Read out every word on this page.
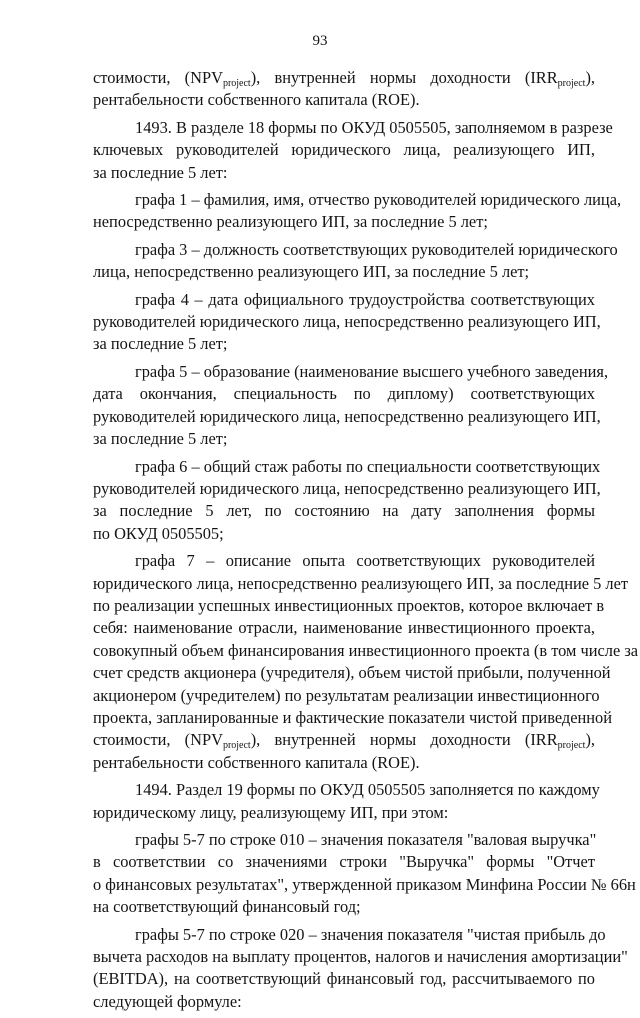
93
стоимости, $(NPV_{project})$, внутренней нормы доходности $(IRR_{project})$,
рентабельности собственного капитала (ROE).
1493. В разделе 18 формы по ОКУД 0505505, заполняемом в разрезе
ключевых руководителей юридического лица, реализующего ИП,
за последние 5 лет:
графа 1 – фамилия, имя, отчество руководителей юридического лица,
непосредственно реализующего ИП, за последние 5 лет;
графа 3 – должность соответствующих руководителей юридического
лица, непосредственно реализующего ИП, за последние 5 лет;
графа 4 – дата официального трудоустройства соответствующих
руководителей юридического лица, непосредственно реализующего ИП,
за последние 5 лет;
графа 5 – образование (наименование высшего учебного заведения,
дата окончания, специальность по диплому) соответствующих
руководителей юридического лица, непосредственно реализующего ИП,
за последние 5 лет;
графа 6 – общий стаж работы по специальности соответствующих
руководителей юридического лица, непосредственно реализующего ИП,
за последние 5 лет, по состоянию на дату заполнения формы
по ОКУД 0505505;
графа 7 – описание опыта соответствующих руководителей
юридического лица, непосредственно реализующего ИП, за последние 5 лет
по реализации успешных инвестиционных проектов, которое включает в
себя: наименование отрасли, наименование инвестиционного проекта,
совокупный объем финансирования инвестиционного проекта (в том числе за
счет средств акционера (учредителя), объем чистой прибыли, полученной
акционером (учредителем) по результатам реализации инвестиционного
проекта, запланированные и фактические показатели чистой приведенной
стоимости, $(NPV_{project})$, внутренней нормы доходности $(IRR_{project})$,
рентабельности собственного капитала (ROE).
1494. Раздел 19 формы по ОКУД 0505505 заполняется по каждому
юридическому лицу, реализующему ИП, при этом:
графы 5-7 по строке 010 – значения показателя "валовая выручка"
в соответствии со значениями строки "Выручка" формы "Отчет
о финансовых результатах", утвержденной приказом Минфина России № 66н
на соответствующий финансовый год;
графы 5-7 по строке 020 – значения показателя "чистая прибыль до
вычета расходов на выплату процентов, налогов и начисления амортизации"
(EBITDA), на соответствующий финансовый год, рассчитываемого по
следующей формуле:
